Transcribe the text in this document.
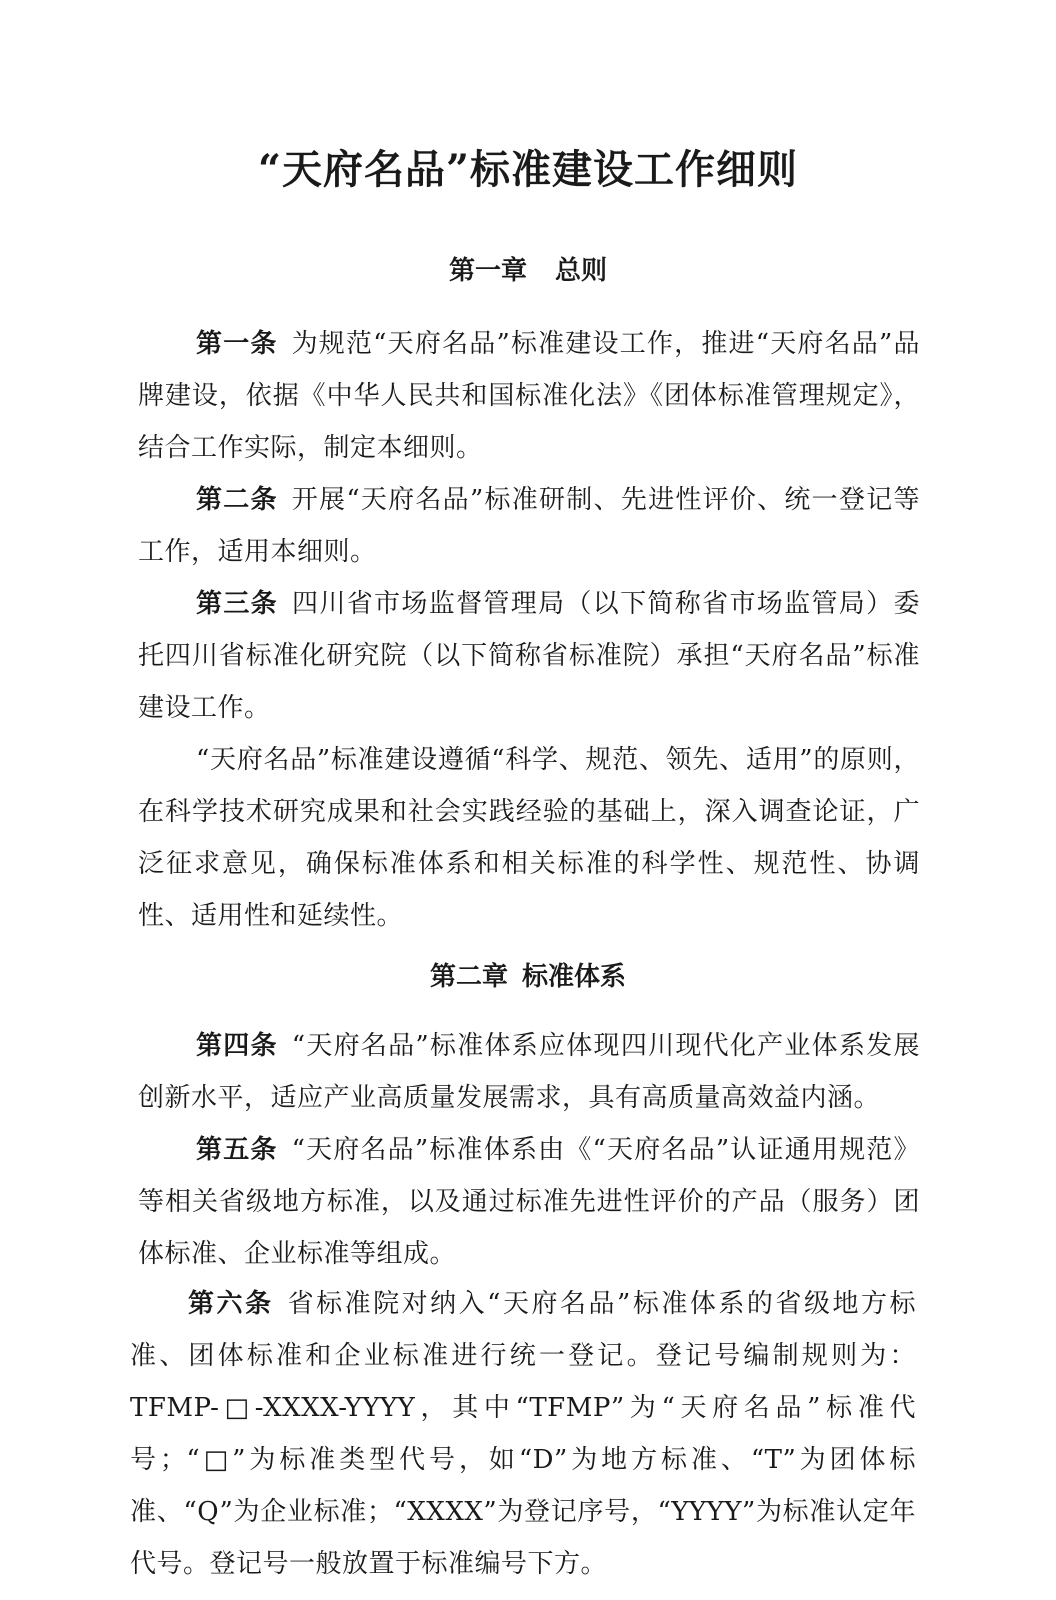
“天府名品”标准建设工作细则
第一章 总则

第一条 为规范“天府名品”标准建设工作，推进“天府名品”品牌建设，依据《中华人民共和国标准化法》《团体标准管理规定》，结合工作实际，制定本细则。

第二条 开展“天府名品”标准研制、先进性评价、统一登记等工作，适用本细则。

第三条 四川省市场监督管理局（以下简称省市场监管局）委托四川省标准化研究院（以下简称省标准院）承担“天府名品”标准建设工作。

“天府名品”标准建设遵循“科学、规范、领先、适用”的原则，在科学技术研究成果和社会实践经验的基础上，深入调查论证，广泛征求意见，确保标准体系和相关标准的科学性、规范性、协调性、适用性和延续性。

第二章 标准体系

第四条 “天府名品”标准体系应体现四川现代化产业体系发展创新水平，适应产业高质量发展需求，具有高质量高效益内涵。

第五条 “天府名品”标准体系由《“天府名品”认证通用规范》等相关省级地方标准，以及通过标准先进性评价的产品（服务）团体标准、企业标准等组成。

第六条 省标准院对纳入“天府名品”标准体系的省级地方标准、团体标准和企业标准进行统一登记。登记号编制规则为：TFMP-□-XXXX-YYYY，其中“TFMP”为“天府名品”标准代号；“□”为标准类型代号，如“D”为地方标准、“T”为团体标准、“Q”为企业标准；“XXXX”为登记序号，“YYYY”为标准认定年代号。登记号一般放置于标准编号下方。
